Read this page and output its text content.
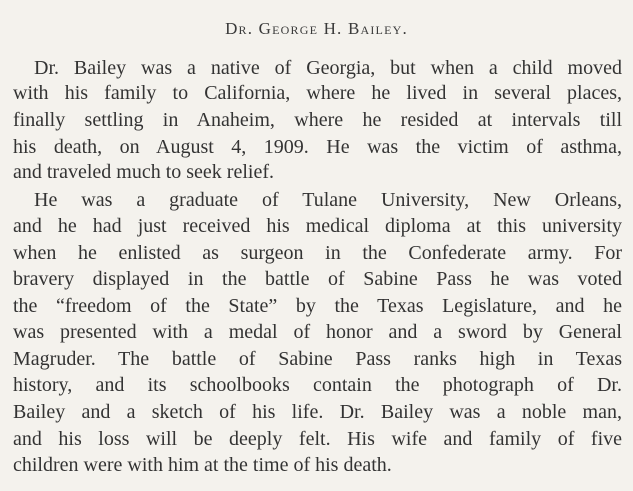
Dr. George H. Bailey.
Dr. Bailey was a native of Georgia, but when a child moved
with his family to California, where he lived in several places,
finally settling in Anaheim, where he resided at intervals till
his death, on August 4, 1909. He was the victim of asthma,
and traveled much to seek relief.
He was a graduate of Tulane University, New Orleans,
and he had just received his medical diploma at this university
when he enlisted as surgeon in the Confederate army. For
bravery displayed in the battle of Sabine Pass he was voted
the “freedom of the State” by the Texas Legislature, and he
was presented with a medal of honor and a sword by General
Magruder. The battle of Sabine Pass ranks high in Texas
history, and its schoolbooks contain the photograph of Dr.
Bailey and a sketch of his life. Dr. Bailey was a noble man,
and his loss will be deeply felt. His wife and family of five
children were with him at the time of his death.
